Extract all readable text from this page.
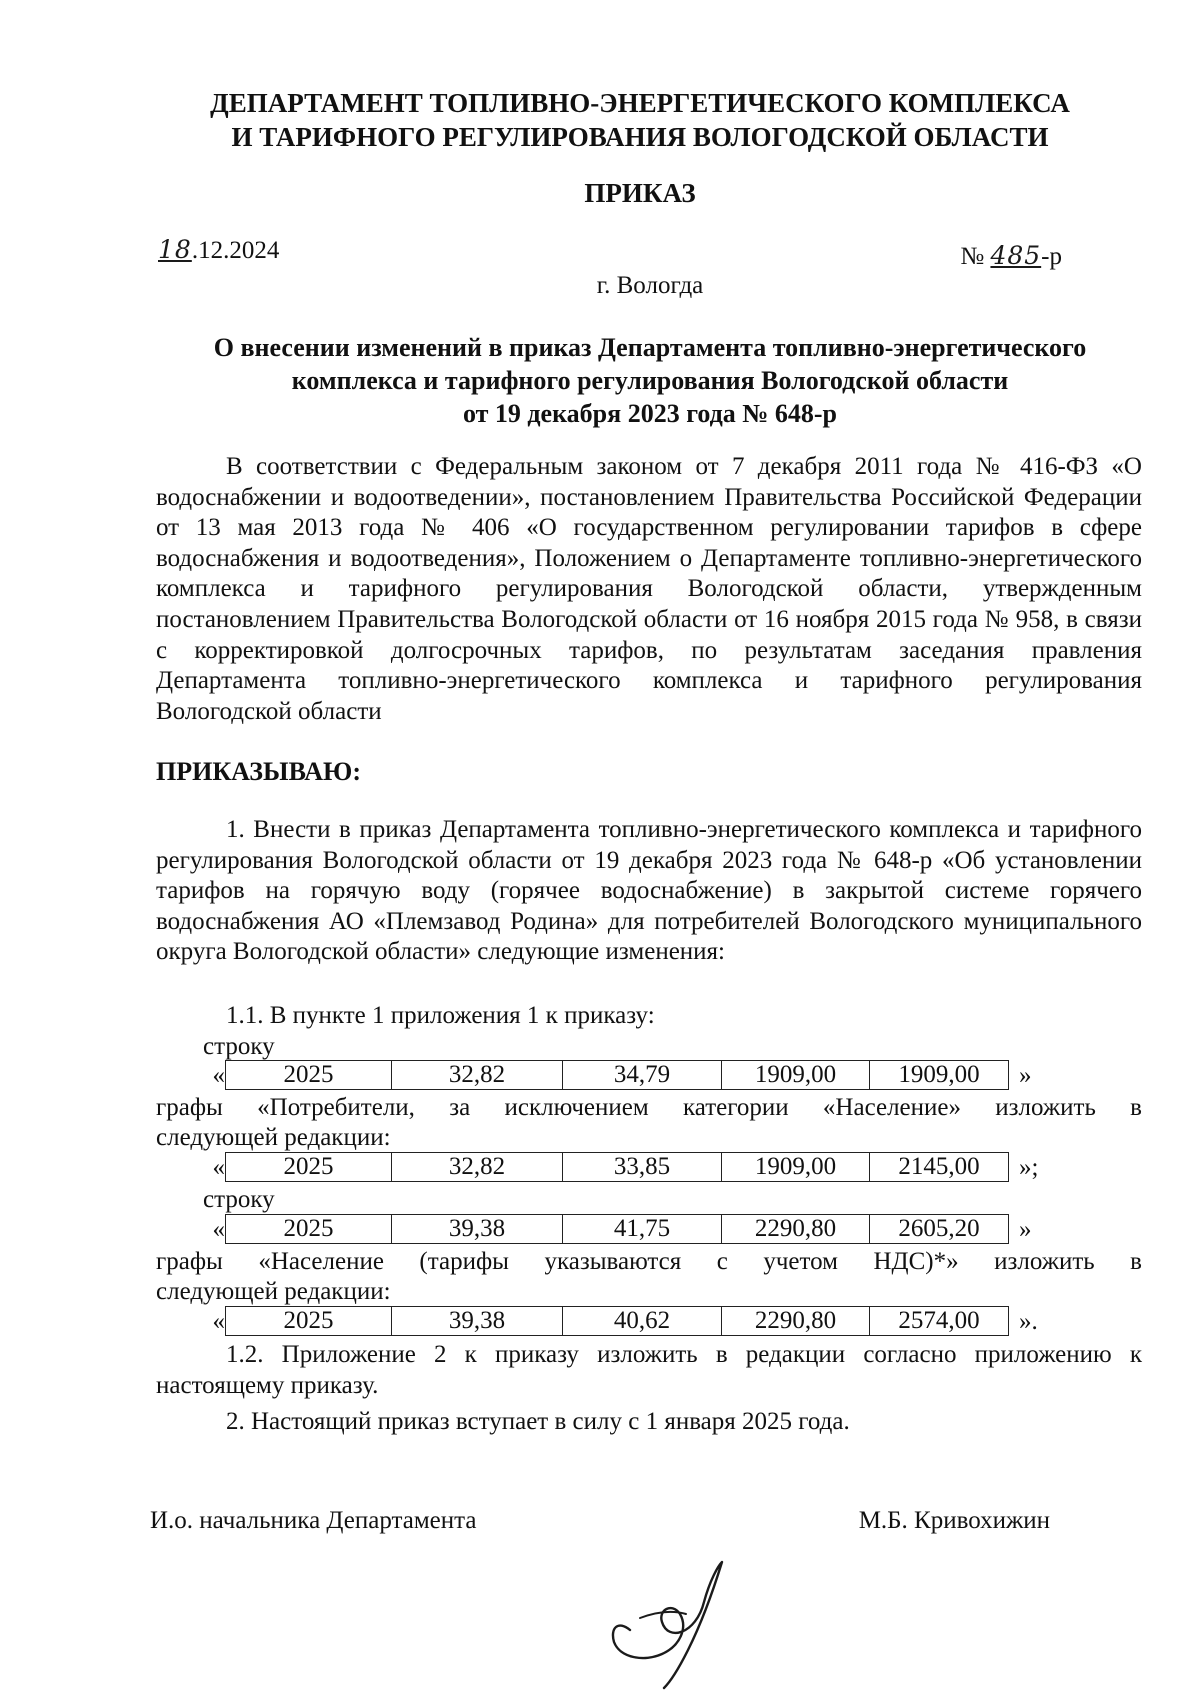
ДЕПАРТАМЕНТ ТОПЛИВНО-ЭНЕРГЕТИЧЕСКОГО КОМПЛЕКСА
И ТАРИФНОГО РЕГУЛИРОВАНИЯ ВОЛОГОДСКОЙ ОБЛАСТИ
ПРИКАЗ
18.12.2024	№ 485-р
г. Вологда
О внесении изменений в приказ Департамента топливно-энергетического
комплекса и тарифного регулирования Вологодской области
от 19 декабря 2023 года № 648-р

В соответствии с Федеральным законом от 7 декабря 2011 года № 416-ФЗ «О водоснабжении и водоотведении», постановлением Правительства Российской Федерации от 13 мая 2013 года № 406 «О государственном регулировании тарифов в сфере водоснабжения и водоотведения», Положением о Департаменте топливно-энергетического комплекса и тарифного регулирования Вологодской области, утвержденным постановлением Правительства Вологодской области от 16 ноября 2015 года № 958, в связи с корректировкой долгосрочных тарифов, по результатам заседания правления Департамента топливно-энергетического комплекса и тарифного регулирования Вологодской области

ПРИКАЗЫВАЮ:

1. Внести в приказ Департамента топливно-энергетического комплекса и тарифного регулирования Вологодской области от 19 декабря 2023 года № 648-р «Об установлении тарифов на горячую воду (горячее водоснабжение) в закрытой системе горячего водоснабжения АО «Племзавод Родина» для потребителей Вологодского муниципального округа Вологодской области» следующие изменения:

1.1. В пункте 1 приложения 1 к приказу:
строку
«	2025	32,82	34,79	1909,00	1909,00	»
графы «Потребители, за исключением категории «Население» изложить в
следующей редакции:
«	2025	32,82	33,85	1909,00	2145,00	»;
строку
«	2025	39,38	41,75	2290,80	2605,20	»
графы «Население (тарифы указываются с учетом НДС)*» изложить в
следующей редакции:
«	2025	39,38	40,62	2290,80	2574,00	».

1.2. Приложение 2 к приказу изложить в редакции согласно приложению к настоящему приказу.

2. Настоящий приказ вступает в силу с 1 января 2025 года.
И.о. начальника Департамента	М.Б. Кривохижин
